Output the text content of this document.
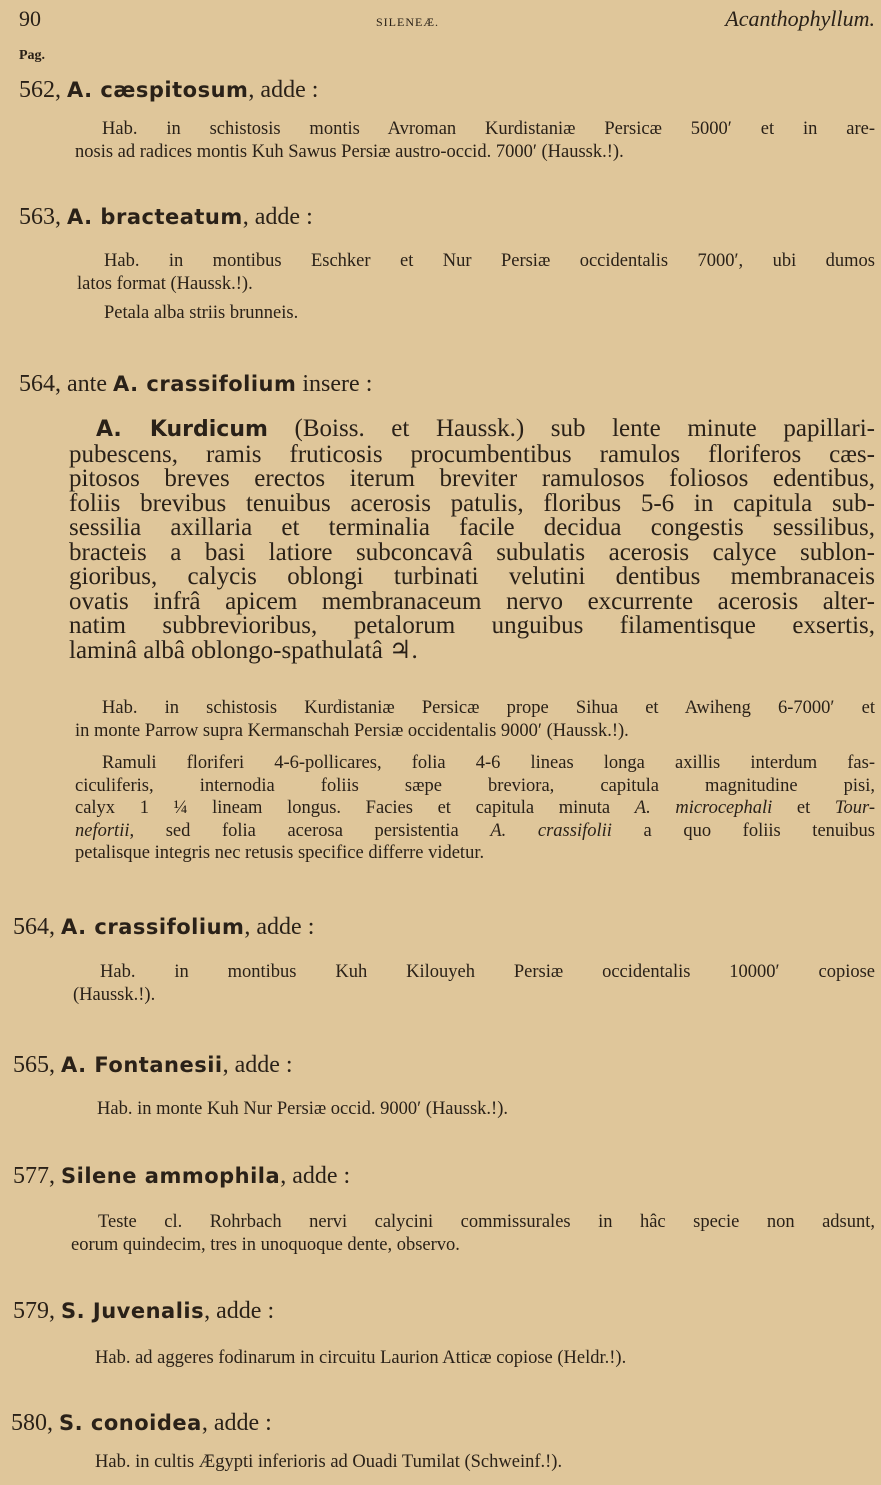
90	SILENEÆ.	Acanthophyllum.
Pag.
562, A. cæspitosum, adde :
Hab. in schistosis montis Avroman Kurdistaniæ Persicæ 5000′ et in are-
nosis ad radices montis Kuh Sawus Persiæ austro-occid. 7000′ (Haussk.!).
563, A. bracteatum, adde :
Hab. in montibus Eschker et Nur Persiæ occidentalis 7000′, ubi dumos
latos format (Haussk.!).
Petala alba striis brunneis.
564, ante A. crassifolium insere :
A. Kurdicum (Boiss. et Haussk.) sub lente minute papillari-
pubescens, ramis fruticosis procumbentibus ramulos floriferos cæs-
pitosos breves erectos iterum breviter ramulosos foliosos edentibus,
foliis brevibus tenuibus acerosis patulis, floribus 5-6 in capitula sub-
sessilia axillaria et terminalia facile decidua congestis sessilibus,
bracteis a basi latiore subconcavâ subulatis acerosis calyce sublon-
gioribus, calycis oblongi turbinati velutini dentibus membranaceis
ovatis infrâ apicem membranaceum nervo excurrente acerosis alter-
natim subbrevioribus, petalorum unguibus filamentisque exsertis,
laminâ albâ oblongo-spathulatâ ♃.
Hab. in schistosis Kurdistaniæ Persicæ prope Sihua et Awiheng 6-7000′ et
in monte Parrow supra Kermanschah Persiæ occidentalis 9000′ (Haussk.!).
Ramuli floriferi 4-6-pollicares, folia 4-6 lineas longa axillis interdum fas-
ciculiferis, internodia foliis sæpe breviora, capitula magnitudine pisi,
calyx 1 ¼ lineam longus. Facies et capitula minuta A. microcephali et Tour-
nefortii, sed folia acerosa persistentia A. crassifolii a quo foliis tenuibus
petalisque integris nec retusis specifice differre videtur.
564, A. crassifolium, adde :
Hab. in montibus Kuh Kilouyeh Persiæ occidentalis 10000′ copiose
(Haussk.!).
565, A. Fontanesii, adde :
Hab. in monte Kuh Nur Persiæ occid. 9000′ (Haussk.!).
577, Silene ammophila, adde :
Teste cl. Rohrbach nervi calycini commissurales in hâc specie non adsunt,
eorum quindecim, tres in unoquoque dente, observo.
579, S. Juvenalis, adde :
Hab. ad aggeres fodinarum in circuitu Laurion Atticæ copiose (Heldr.!).
580, S. conoidea, adde :
Hab. in cultis Ægypti inferioris ad Ouadi Tumilat (Schweinf.!).
